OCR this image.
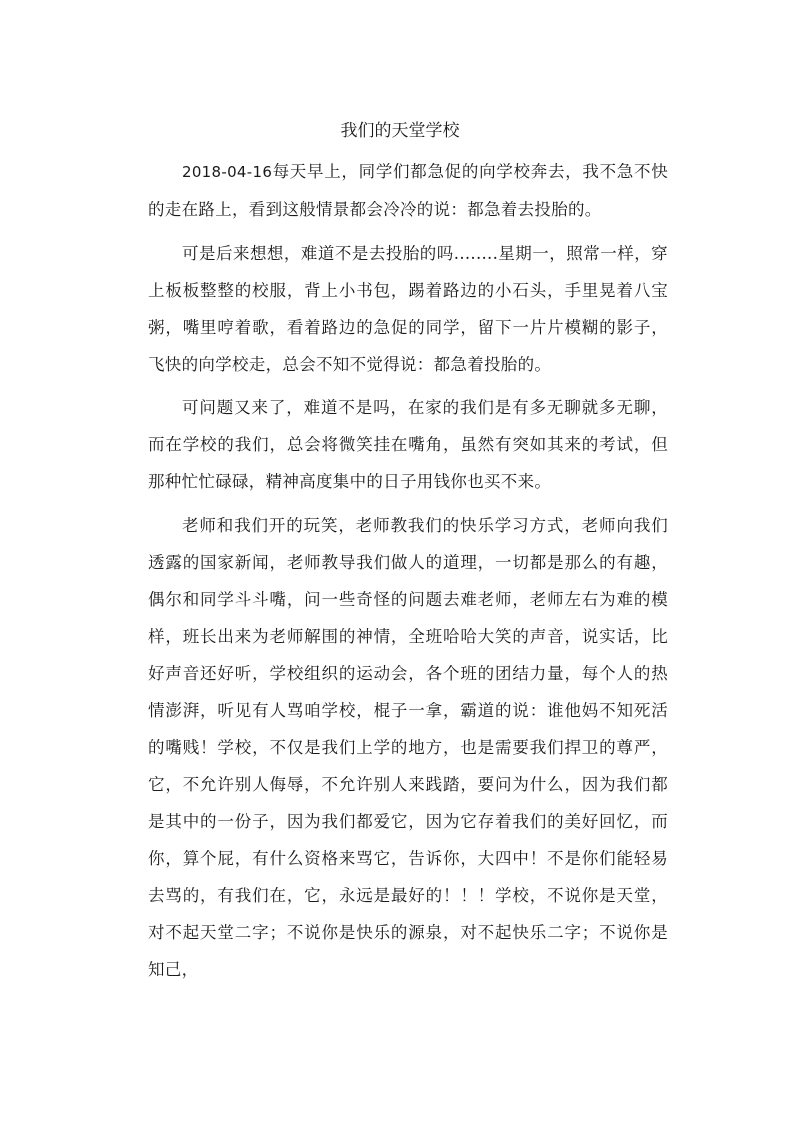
我们的天堂学校

2018-04-16每天早上，同学们都急促的向学校奔去，我不急不快的走在路上，看到这般情景都会冷冷的说：都急着去投胎的。

可是后来想想，难道不是去投胎的吗........星期一，照常一样，穿上板板整整的校服，背上小书包，踢着路边的小石头，手里晃着八宝粥，嘴里哼着歌，看着路边的急促的同学，留下一片片模糊的影子，飞快的向学校走，总会不知不觉得说：都急着投胎的。

可问题又来了，难道不是吗，在家的我们是有多无聊就多无聊，而在学校的我们，总会将微笑挂在嘴角，虽然有突如其来的考试，但那种忙忙碌碌，精神高度集中的日子用钱你也买不来。

老师和我们开的玩笑，老师教我们的快乐学习方式，老师向我们透露的国家新闻，老师教导我们做人的道理，一切都是那么的有趣，偶尔和同学斗斗嘴，问一些奇怪的问题去难老师，老师左右为难的模样，班长出来为老师解围的神情，全班哈哈大笑的声音，说实话，比好声音还好听，学校组织的运动会，各个班的团结力量，每个人的热情澎湃，听见有人骂咱学校，棍子一拿，霸道的说：谁他妈不知死活的嘴贱！学校，不仅是我们上学的地方，也是需要我们捍卫的尊严，它，不允许别人侮辱，不允许别人来践踏，要问为什么，因为我们都是其中的一份子，因为我们都爱它，因为它存着我们的美好回忆，而你，算个屁，有什么资格来骂它，告诉你，大四中！不是你们能轻易去骂的，有我们在，它，永远是最好的！！！学校，不说你是天堂，对不起天堂二字；不说你是快乐的源泉，对不起快乐二字；不说你是知己，
